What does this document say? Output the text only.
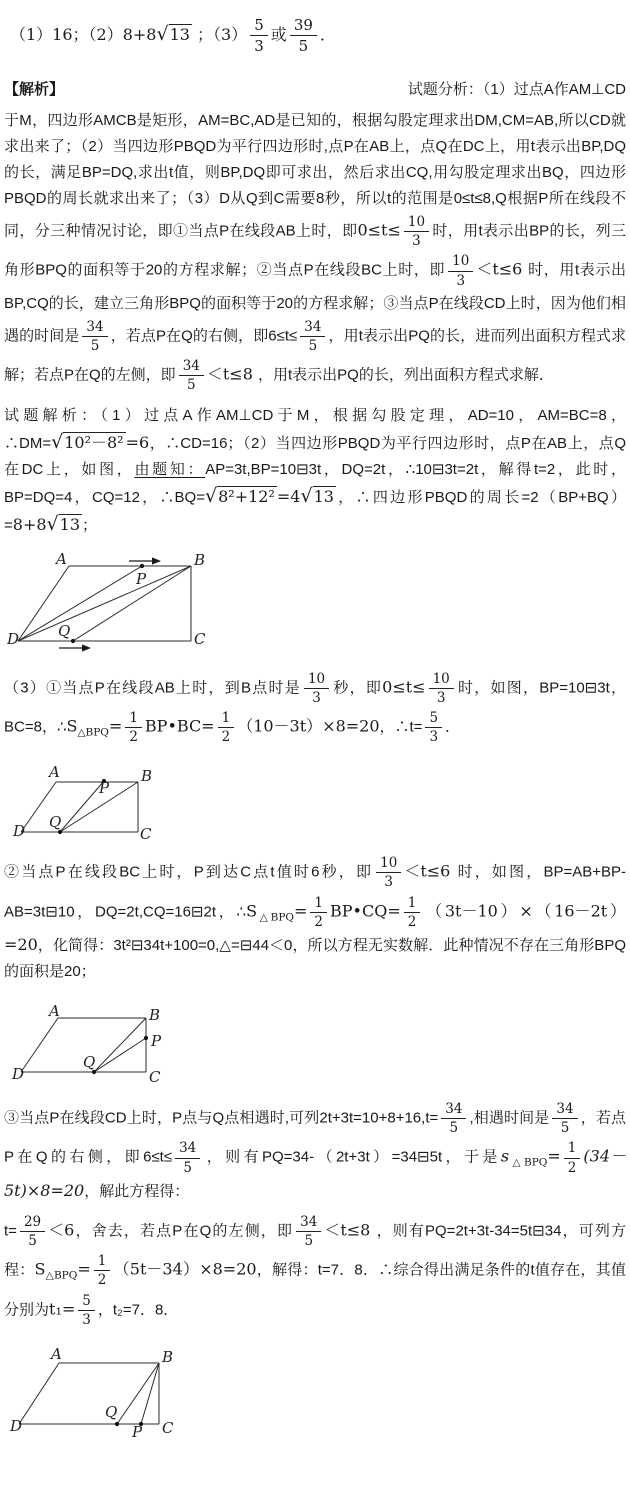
（1）16；（2）8+8√13 ；$(3) \frac{5}{3}$ 或 $\frac{39}{5}$ ．

【解析】	试题分析：（1）过点A作AM⊥CD

于M，四边形AMCB是矩形，AM=BC,AD是已知的，根据勾股定理求出DM,CM=AB,所以CD就求出来了；（2）当四边形PBQD为平行四边形时,点P在AB上，点Q在DC上，用t表示出BP,DQ的长，满足BP=DQ,求出t值，则BP,DQ即可求出，然后求出CQ,用勾股定理求出BQ，四边形PBQD的周长就求出来了；（3）D从Q到C需要8秒，所以t的范围是0≤t≤8,Q根据P所在线段不同，分三种情况讨论，即①当点P在线段AB上时，即$0\le t\le \frac{10}{3}$ 时，用t表示出BP的长，列三角形BPQ的面积等于20的方程求解；②当点P在线段BC上时，即 $\frac{10}{3} <t\le 6$ 时，用t表示出BP,CQ的长，建立三角形BPQ的面积等于20的方程求解；③当点P在线段CD上时，因为他们相遇的时间是 $\frac{34}{5}$ ，若点P在Q的右侧，即$6\le t\le \frac{34}{5}$ ，用t表示出PQ的长，进而列出面积方程式求解；若点P在Q的左侧，即 $\frac{34}{5} <t\le 8$ ，用t表示出PQ的长，列出面积方程式求解．

试题解析：（1）过点A作AM⊥CD于M，根据勾股定理，AD=10，AM=BC=8，∴DM=√10²－8² =6，∴CD=16；（2）当四边形PBQD为平行四边形时，点P在AB上，点Q在DC上，如图，由题知：AP=3t,BP=10⊟3t，DQ=2t，∴10⊟3t=2t，解得t=2，此时，BP=DQ=4，CQ=12，∴BQ=√8²+12² =4√13 ，∴四边形PBQD的周长=2（BP+BQ）=8+8√13 ；

A	B
C
D
P
Q

（3）①当点P在线段AB上时，到B点时是 $\frac{10}{3}$ 秒，即$0\le t\le \frac{10}{3}$ 时，如图，BP=10⊟3t，BC=8，$\therefore S_{\triangle BPQ}= \frac{1}{2}$ BP•BC= $\frac{1}{2} (10-3t)\times 8=20$，∴t= $\frac{5}{3}$ ．

A	B
C
D Q
P

②当点P在线段BC上时，P到达C点t值时6秒，即 $\frac{10}{3} <t\le 6$ 时，如图，BP=AB+BP-AB=3t⊟10，DQ=2t,CQ=16⊟2t，$\therefore S_{\triangle BPQ}= \frac{1}{2}$ BP•CQ= $\frac{1}{2} (3t-10)\times(16-2t)=20$，化简得：3t²⊟34t+100=0,△=⊟44＜0，所以方程无实数解．此种情况不存在三角形BPQ的面积是20；

A	B
C
D
Q
P

③当点P在线段CD上时，P点与Q点相遇时,可列$2t+3t=10+8+16,t= \frac{34}{5}$ ,相遇时间是 $\frac{34}{5}$ ，若点P在Q的右侧，即$6\le t\le \frac{34}{5}$ ，则有PQ=34-（2t+3t）=34⊟5t，于是$s_{\triangle BPQ}= \frac{1}{2} (34-5t)\times 8=20$，解此方程得：

$t= \frac{29}{5} <6$，舍去，若点P在Q的左侧，即 $\frac{34}{5} <t\le 8$ ，则有PQ=2t+3t-34=5t⊟34，可列方程：$S_{\triangle BPQ}= \frac{1}{2} (5t-34)\times 8=20$，解得：t=7．8．∴综合得出满足条件的t值存在，其值分别为$t_1= \frac{5}{3}$ ，t₂=7．8．

A	B
C
D
Q
P
